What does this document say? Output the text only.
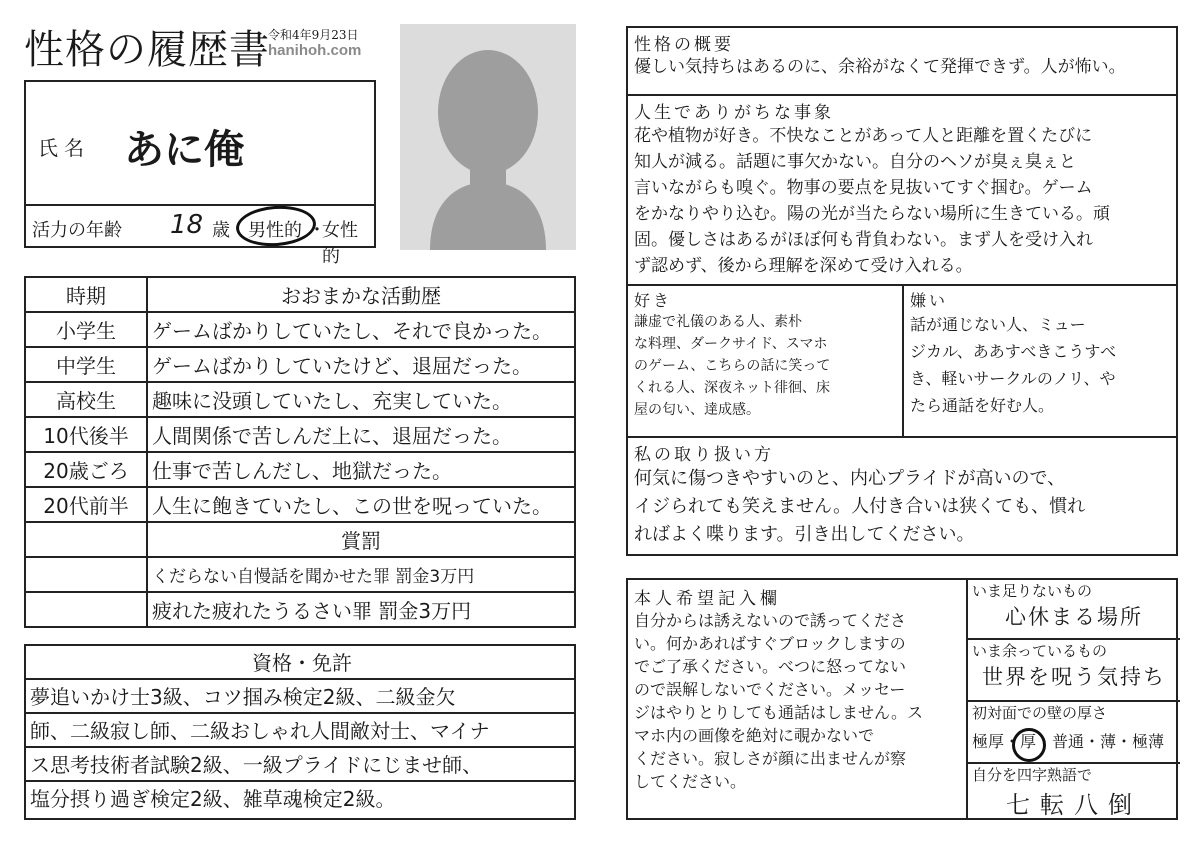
性格の履歴書
令和4年9月23日
hanihoh.com
氏名 あに俺
活力の年齢 18 歳 男性的 ・
女性的
時期	おおまかな活動歴
小学生	ゲームばかりしていたし、それで良かった。
中学生	ゲームばかりしていたけど、退屈だった。
高校生	趣味に没頭していたし、充実していた。
10代後半	人間関係で苦しんだ上に、退屈だった。
20歳ごろ	仕事で苦しんだし、地獄だった。
20代前半	人生に飽きていたし、この世を呪っていた。
	賞罰
	くだらない自慢話を聞かせた罪 罰金3万円
	疲れた疲れたうるさい罪 罰金3万円
資格・免許
夢追いかけ士3級、コツ掴み検定2級、二級金欠
師、二級寂し師、二級おしゃれ人間敵対士、マイナ
ス思考技術者試験2級、一級プライドにじませ師、
塩分摂り過ぎ検定2級、雑草魂検定2級。
性格の概要
優しい気持ちはあるのに、余裕がなくて発揮できず。人が怖い。
人生でありがちな事象
花や植物が好き。不快なことがあって人と距離を置くたびに
知人が減る。話題に事欠かない。自分のヘソが臭ぇ臭ぇと
言いながらも嗅ぐ。物事の要点を見抜いてすぐ掴む。ゲーム
をかなりやり込む。陽の光が当たらない場所に生きている。頑
固。優しさはあるがほぼ何も背負わない。まず人を受け入れ
ず認めず、後から理解を深めて受け入れる。
好き
謙虚で礼儀のある人、素朴
な料理、ダークサイド、スマホ
のゲーム、こちらの話に笑って
くれる人、深夜ネット徘徊、床
屋の匂い、達成感。
嫌い
話が通じない人、ミュー
ジカル、ああすべきこうすべ
き、軽いサークルのノリ、や
たら通話を好む人。
私の取り扱い方
何気に傷つきやすいのと、内心プライドが高いので、
イジられても笑えません。人付き合いは狭くても、慣れ
ればよく喋ります。引き出してください。
本人希望記入欄
自分からは誘えないので誘ってくださ
い。何かあればすぐブロックしますの
でご了承ください。べつに怒ってない
ので誤解しないでください。メッセー
ジはやりとりしても通話はしません。ス
マホ内の画像を絶対に覗かないで
ください。寂しさが顔に出ませんが察
してください。
いま足りないもの
心休まる場所
いま余っているもの
世界を呪う気持ち
初対面での壁の厚さ
極厚・厚・普通・薄・極薄
自分を四字熟語で
七転八倒
